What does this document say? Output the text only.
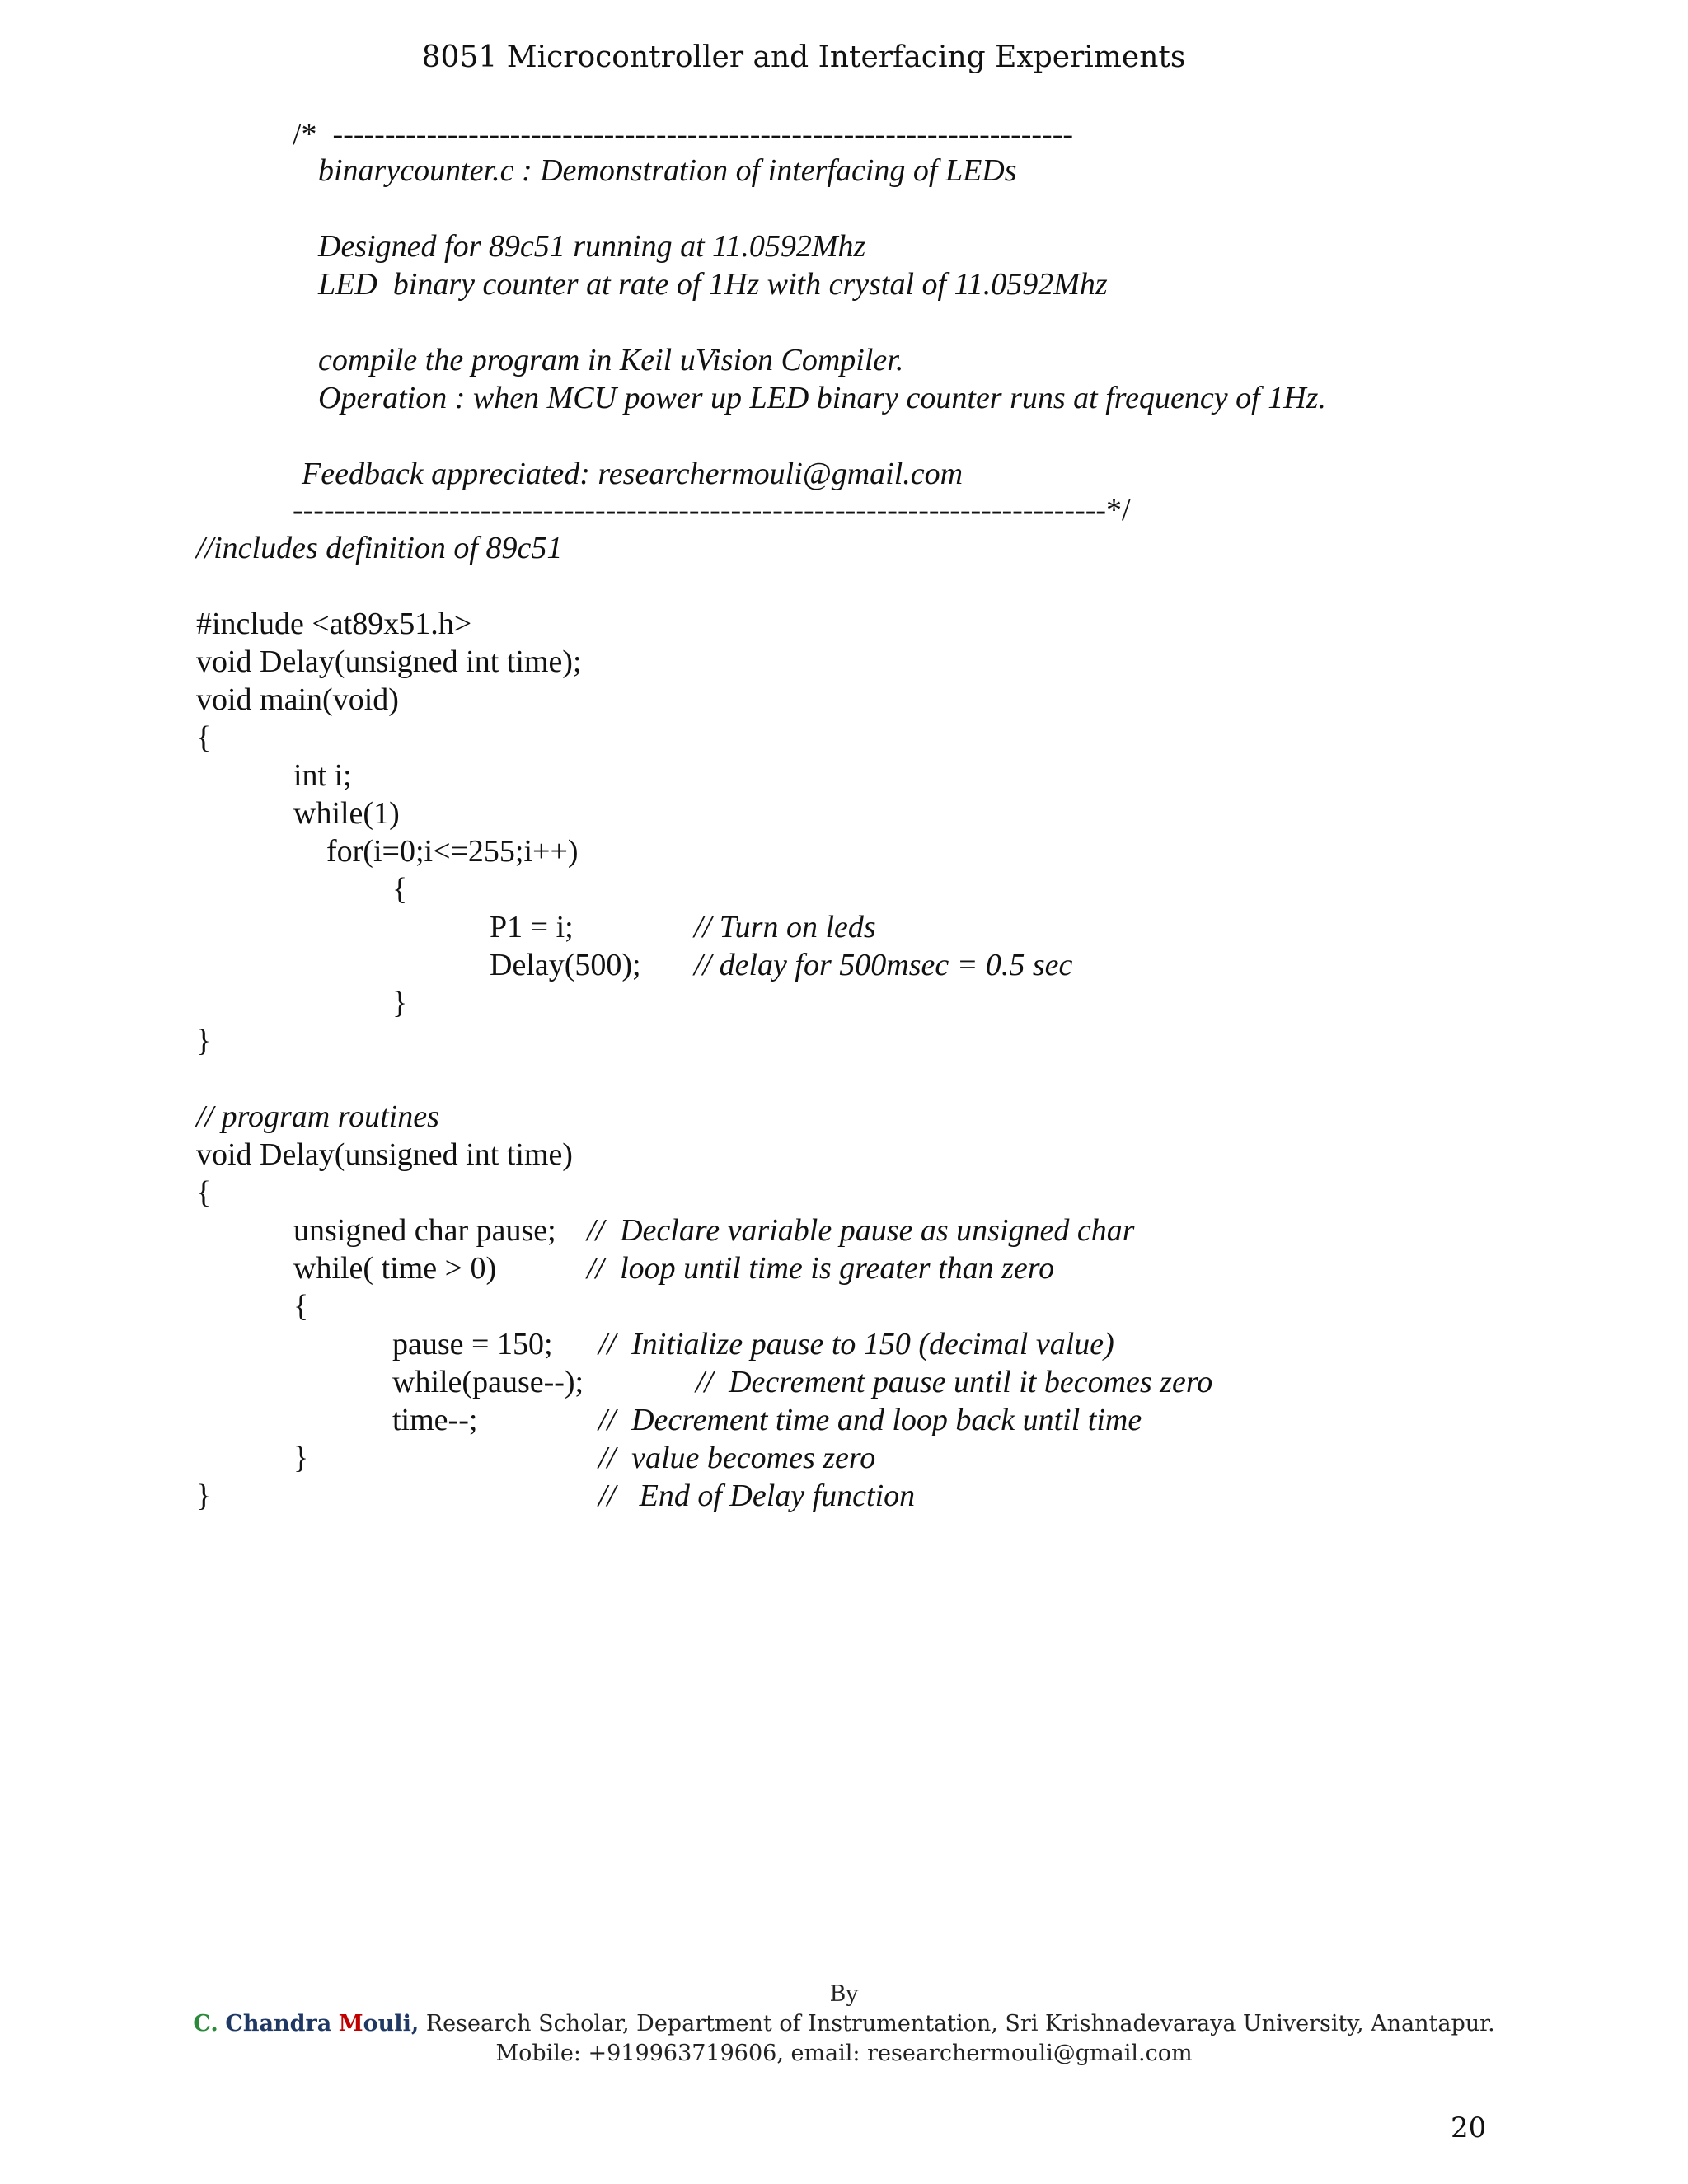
8051 Microcontroller and Interfacing Experiments
/*  -----------------------------------------------------------------------
binarycounter.c : Demonstration of interfacing of LEDs
Designed for 89c51 running at 11.0592Mhz
LED  binary counter at rate of 1Hz with crystal of 11.0592Mhz
compile the program in Keil uVision Compiler.
Operation : when MCU power up LED binary counter runs at frequency of 1Hz.
Feedback appreciated: researchermouli@gmail.com
------------------------------------------------------------------------------*/
//includes definition of 89c51
#include <at89x51.h>
void Delay(unsigned int time);
void main(void)
{
int i;
while(1)
for(i=0;i<=255;i++)
{
P1 = i;	// Turn on leds
Delay(500); // delay for 500msec = 0.5 sec
}
}
// program routines
void Delay(unsigned int time)
{
unsigned char pause; //  Declare variable pause as unsigned char
while( time > 0)	//  loop until time is greater than zero
{
pause = 150; //  Initialize pause to 150 (decimal value)
while(pause--);	//  Decrement pause until it becomes zero
time--;	//  Decrement time and loop back until time
}	//  value becomes zero
}	//   End of Delay function
By
C. Chandra Mouli, Research Scholar, Department of Instrumentation, Sri Krishnadevaraya University, Anantapur.
Mobile: +919963719606, email: researchermouli@gmail.com
20
